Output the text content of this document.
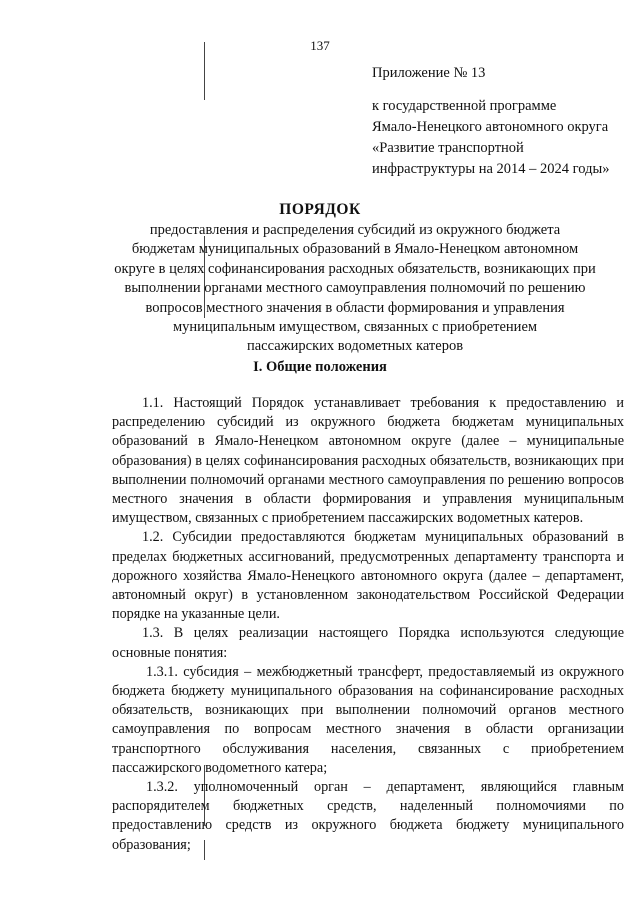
137
Приложение № 13
к государственной программе
Ямало-Ненецкого автономного округа
«Развитие транспортной
инфраструктуры на 2014 – 2024 годы»
ПОРЯДОК
предоставления и распределения субсидий из окружного бюджета
бюджетам муниципальных образований в Ямало-Ненецком автономном
округе в целях софинансирования расходных обязательств, возникающих при
выполнении органами местного самоуправления полномочий по решению
вопросов местного значения в области формирования и управления
муниципальным имуществом, связанных с приобретением
пассажирских водометных катеров
I. Общие положения

1.1. Настоящий Порядок устанавливает требования к предоставлению и распределению субсидий из окружного бюджета бюджетам муниципальных образований в Ямало-Ненецком автономном округе (далее – муниципальные образования) в целях софинансирования расходных обязательств, возникающих при выполнении полномочий органами местного самоуправления по решению вопросов местного значения в области формирования и управления муниципальным имуществом, связанных с приобретением пассажирских водометных катеров.

1.2. Субсидии предоставляются бюджетам муниципальных образований в пределах бюджетных ассигнований, предусмотренных департаменту транспорта и дорожного хозяйства Ямало-Ненецкого автономного округа (далее – департамент, автономный округ) в установленном законодательством Российской Федерации порядке на указанные цели.

1.3. В целях реализации настоящего Порядка используются следующие основные понятия:

1.3.1. субсидия – межбюджетный трансферт, предоставляемый из окружного бюджета бюджету муниципального образования на софинансирование расходных обязательств, возникающих при выполнении полномочий органов местного самоуправления по вопросам местного значения в области организации транспортного обслуживания населения, связанных с приобретением пассажирского водометного катера;

1.3.2. уполномоченный орган – департамент, являющийся главным распорядителем бюджетных средств, наделенный полномочиями по предоставлению средств из окружного бюджета бюджету муниципального образования;
